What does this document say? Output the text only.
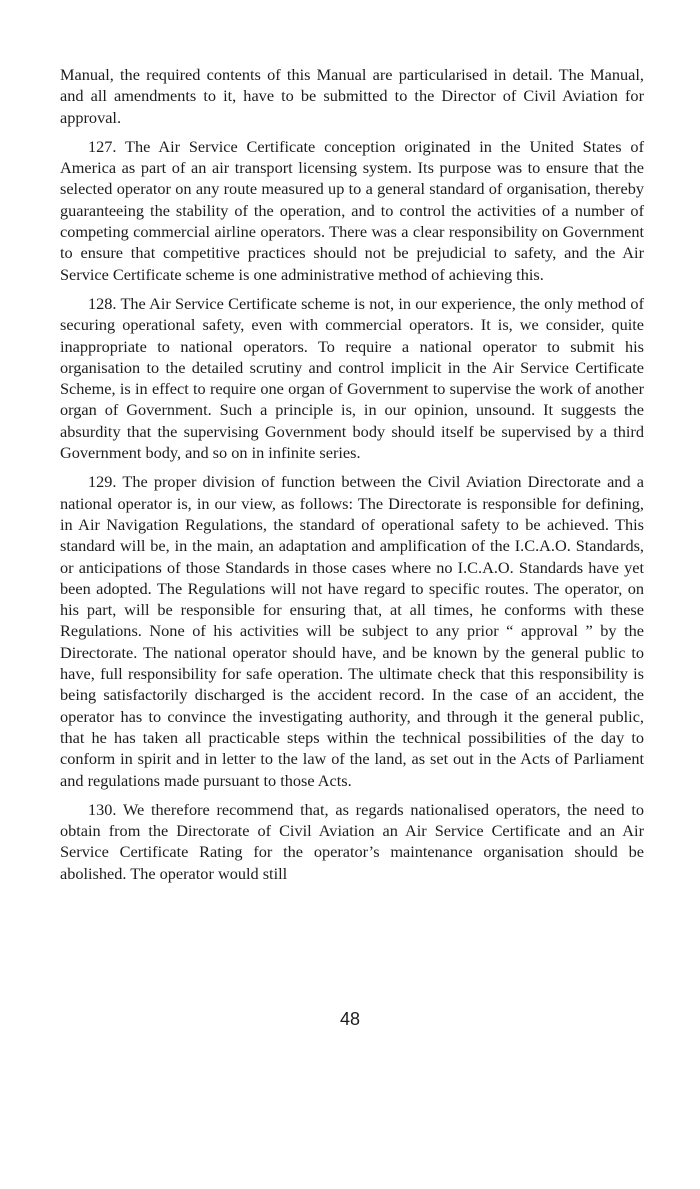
Manual, the required contents of this Manual are particularised in detail. The Manual, and all amendments to it, have to be submitted to the Director of Civil Aviation for approval.

127. The Air Service Certificate conception originated in the United States of America as part of an air transport licensing system. Its purpose was to ensure that the selected operator on any route measured up to a general standard of organisation, thereby guaranteeing the stability of the operation, and to control the activities of a number of competing commercial airline operators. There was a clear responsibility on Government to ensure that competitive practices should not be prejudicial to safety, and the Air Service Certificate scheme is one administrative method of achieving this.

128. The Air Service Certificate scheme is not, in our experience, the only method of securing operational safety, even with commercial operators. It is, we consider, quite inappropriate to national operators. To require a national operator to submit his organisation to the detailed scrutiny and control implicit in the Air Service Certificate Scheme, is in effect to require one organ of Government to supervise the work of another organ of Government. Such a principle is, in our opinion, unsound. It suggests the absurdity that the supervising Government body should itself be supervised by a third Government body, and so on in infinite series.

129. The proper division of function between the Civil Aviation Directorate and a national operator is, in our view, as follows: The Directorate is responsible for defining, in Air Navigation Regulations, the standard of operational safety to be achieved. This standard will be, in the main, an adaptation and amplification of the I.C.A.O. Standards, or anticipations of those Standards in those cases where no I.C.A.O. Standards have yet been adopted. The Regulations will not have regard to specific routes. The operator, on his part, will be responsible for ensuring that, at all times, he conforms with these Regulations. None of his activities will be subject to any prior “ approval ” by the Directorate. The national operator should have, and be known by the general public to have, full responsibility for safe operation. The ultimate check that this responsibility is being satisfactorily discharged is the accident record. In the case of an accident, the operator has to convince the investigating authority, and through it the general public, that he has taken all practicable steps within the technical possibilities of the day to conform in spirit and in letter to the law of the land, as set out in the Acts of Parliament and regulations made pursuant to those Acts.

130. We therefore recommend that, as regards nationalised operators, the need to obtain from the Directorate of Civil Aviation an Air Service Certificate and an Air Service Certificate Rating for the operator’s maintenance organisation should be abolished. The operator would still

48
